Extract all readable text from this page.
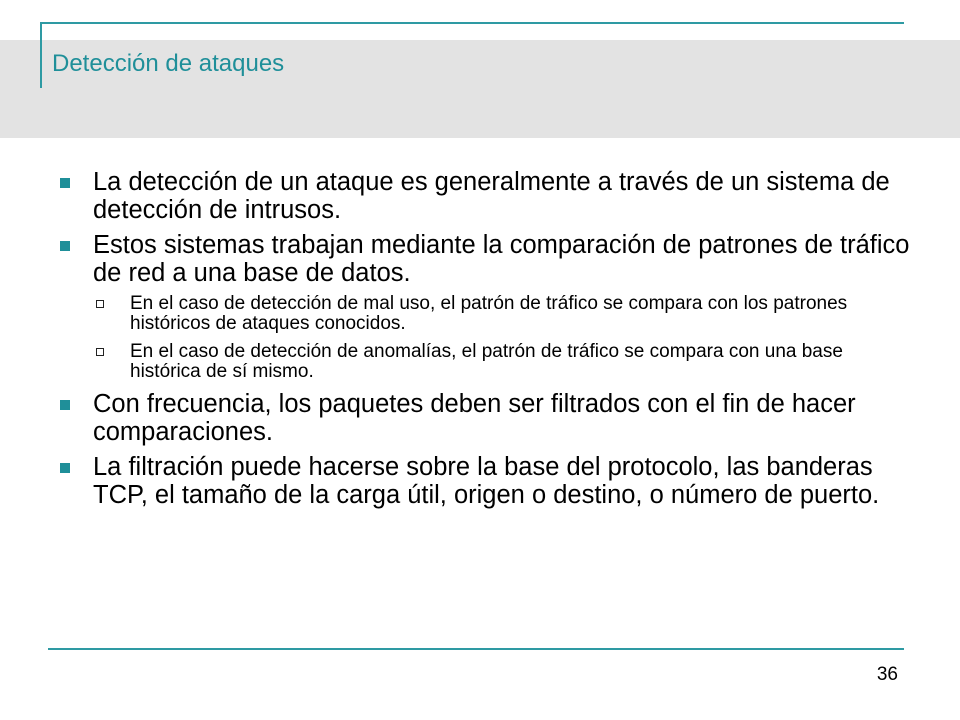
Detección de ataques
La detección de un ataque es generalmente a través de un sistema de detección de intrusos.
Estos sistemas trabajan mediante la comparación de patrones de tráfico de red a una base de datos.
En el caso de detección de mal uso, el patrón de tráfico se compara con los patrones históricos de ataques conocidos.
En el caso de detección de anomalías, el patrón de tráfico se compara con una base histórica de sí mismo.
Con frecuencia, los paquetes deben ser filtrados con el fin de hacer comparaciones.
La filtración puede hacerse sobre la base del protocolo, las banderas TCP, el tamaño de la carga útil, origen o destino, o número de puerto.
36
